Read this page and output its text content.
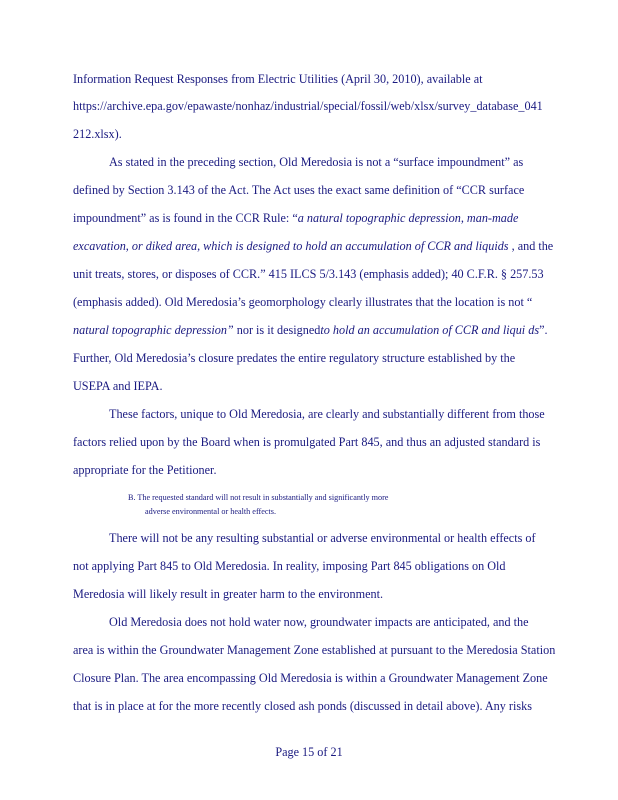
Information Request Responses from Electric Utilities (April 30, 2010), available at
https://archive.epa.gov/epawaste/nonhaz/industrial/special/fossil/web/xlsx/survey_database_041
212.xlsx).
As stated in the preceding section, Old Meredosia is not a “surface impoundment” as
defined by Section 3.143 of the Act. The Act uses the exact same definition of “CCR surface
impoundment” as is found in the CCR Rule: “a natural topographic depression, man-made
excavation, or diked area, which is designed to hold an accumulation of CCR and liquids , and the
unit treats, stores, or disposes of CCR.” 415 ILCS 5/3.143 (emphasis added); 40 C.F.R. § 257.53
(emphasis added). Old Meredosia’s geomorphology clearly illustrates that the location is not “
natural topographic depression” nor is it designedto hold an accumulation of CCR and liqui ds”.
Further, Old Meredosia’s closure predates the entire regulatory structure established by the
USEPA and IEPA.
These factors, unique to Old Meredosia, are clearly and substantially different from those
factors relied upon by the Board when is promulgated Part 845, and thus an adjusted standard is
appropriate for the Petitioner.
B. The requested standard will not result in substantially and significantly more
adverse environmental or health effects.
There will not be any resulting substantial or adverse environmental or health effects of
not applying Part 845 to Old Meredosia. In reality, imposing Part 845 obligations on Old
Meredosia will likely result in greater harm to the environment.
Old Meredosia does not hold water now, groundwater impacts are anticipated, and the
area is within the Groundwater Management Zone established at pursuant to the Meredosia Station
Closure Plan. The area encompassing Old Meredosia is within a Groundwater Management Zone
that is in place at for the more recently closed ash ponds (discussed in detail above). Any risks
Page 15 of 21
